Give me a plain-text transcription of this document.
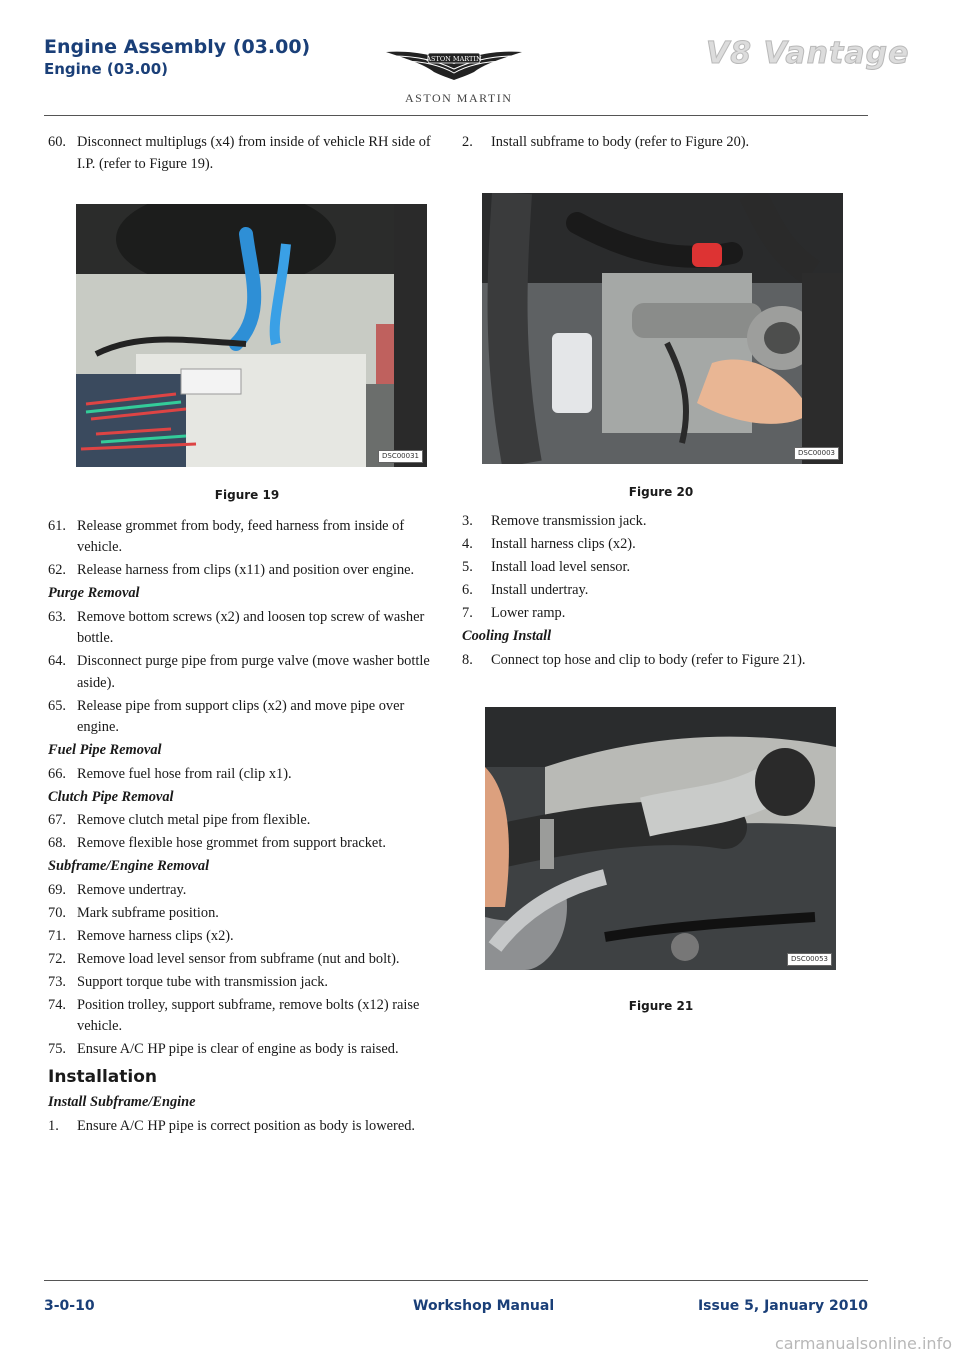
Engine Assembly (03.00)
Engine (03.00)
ASTON MARTIN
ASTON MARTIN
V8 Vantage
60. Disconnect multiplugs (x4) from inside of vehicle RH side of I.P. (refer to Figure 19).
DSC00031
Figure 19
61. Release grommet from body, feed harness from inside of vehicle.
62. Release harness from clips (x11) and position over engine.
Purge Removal
63. Remove bottom screws (x2) and loosen top screw of washer bottle.
64. Disconnect purge pipe from purge valve (move washer bottle aside).
65. Release pipe from support clips (x2) and move pipe over engine.
Fuel Pipe Removal
66. Remove fuel hose from rail (clip x1).
Clutch Pipe Removal
67. Remove clutch metal pipe from flexible.
68. Remove flexible hose grommet from support bracket.
Subframe/Engine Removal
69. Remove undertray.
70. Mark subframe position.
71. Remove harness clips (x2).
72. Remove load level sensor from subframe (nut and bolt).
73. Support torque tube with transmission jack.
74. Position trolley, support subframe, remove bolts (x12) raise vehicle.
75. Ensure A/C HP pipe is clear of engine as body is raised.
Installation
Install Subframe/Engine
1.	Ensure A/C HP pipe is correct position as body is lowered.
2.	Install subframe to body (refer to Figure 20).
DSC00003
Figure 20
3.	Remove transmission jack.
4.	Install harness clips (x2).
5.	Install load level sensor.
6.	Install undertray.
7.	Lower ramp.
Cooling Install
8.	Connect top hose and clip to body (refer to Figure 21).
DSC00053
Figure 21
3-0-10	Workshop Manual	Issue 5, January 2010
carmanualsonline.info
